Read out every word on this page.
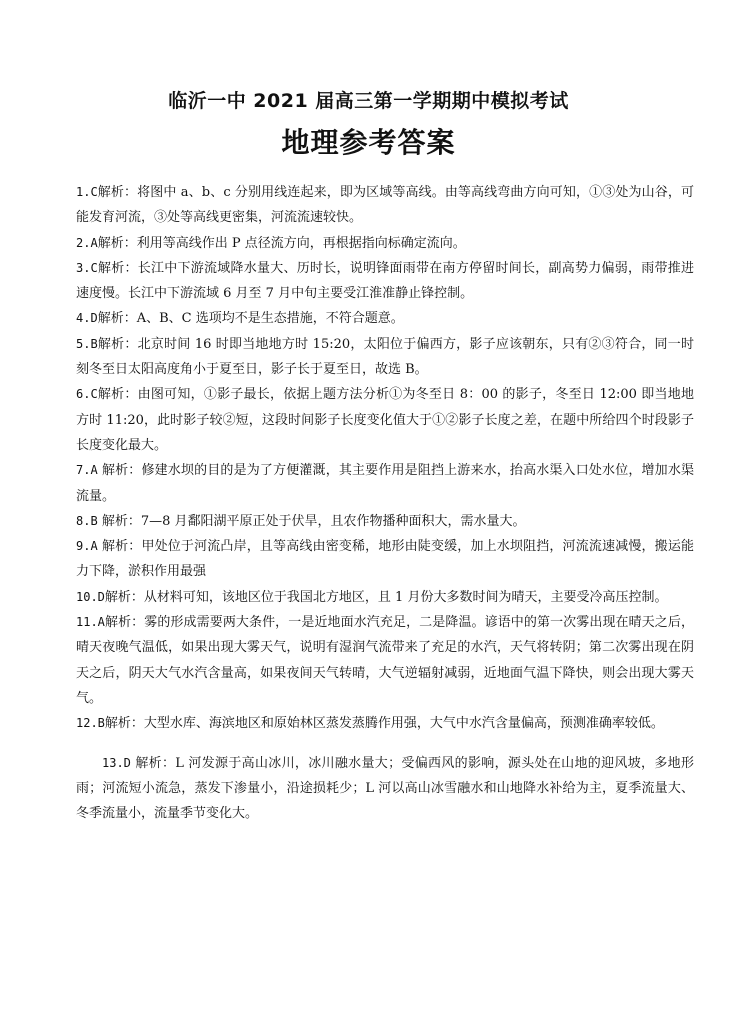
临沂一中 2021 届高三第一学期期中模拟考试
地理参考答案

1.C解析：将图中 a、b、c 分别用线连起来，即为区域等高线。由等高线弯曲方向可知，①③处为山谷，可能发育河流，③处等高线更密集，河流流速较快。

2.A解析：利用等高线作出 P 点径流方向，再根据指向标确定流向。

3.C解析：长江中下游流域降水量大、历时长，说明锋面雨带在南方停留时间长，副高势力偏弱，雨带推进速度慢。长江中下游流域 6 月至 7 月中旬主要受江淮准静止锋控制。

4.D解析：A、B、C 选项均不是生态措施，不符合题意。

5.B解析：北京时间 16 时即当地地方时 15:20，太阳位于偏西方，影子应该朝东，只有②③符合，同一时刻冬至日太阳高度角小于夏至日，影子长于夏至日，故选 B。

6.C解析：由图可知，①影子最长，依据上题方法分析①为冬至日 8：00 的影子，冬至日 12:00 即当地地方时 11:20，此时影子较②短，这段时间影子长度变化值大于①②影子长度之差，在题中所给四个时段影子长度变化最大。

7.A 解析：修建水坝的目的是为了方便灌溉，其主要作用是阻挡上游来水，抬高水渠入口处水位，增加水渠流量。

8.B 解析：7—8 月鄱阳湖平原正处于伏旱，且农作物播种面积大，需水量大。

9.A 解析：甲处位于河流凸岸，且等高线由密变稀，地形由陡变缓，加上水坝阻挡，河流流速减慢，搬运能力下降，淤积作用最强

10.D解析：从材料可知，该地区位于我国北方地区，且 1 月份大多数时间为晴天，主要受冷高压控制。

11.A解析：雾的形成需要两大条件，一是近地面水汽充足，二是降温。谚语中的第一次雾出现在晴天之后，晴天夜晚气温低，如果出现大雾天气，说明有湿润气流带来了充足的水汽，天气将转阴；第二次雾出现在阴天之后，阴天大气水汽含量高，如果夜间天气转晴，大气逆辐射减弱，近地面气温下降快，则会出现大雾天气。

12.B解析：大型水库、海滨地区和原始林区蒸发蒸腾作用强，大气中水汽含量偏高，预测准确率较低。

13.D 解析：L 河发源于高山冰川，冰川融水量大；受偏西风的影响，源头处在山地的迎风坡，多地形雨；河流短小流急，蒸发下渗量小，沿途损耗少；L 河以高山冰雪融水和山地降水补给为主，夏季流量大、冬季流量小，流量季节变化大。
